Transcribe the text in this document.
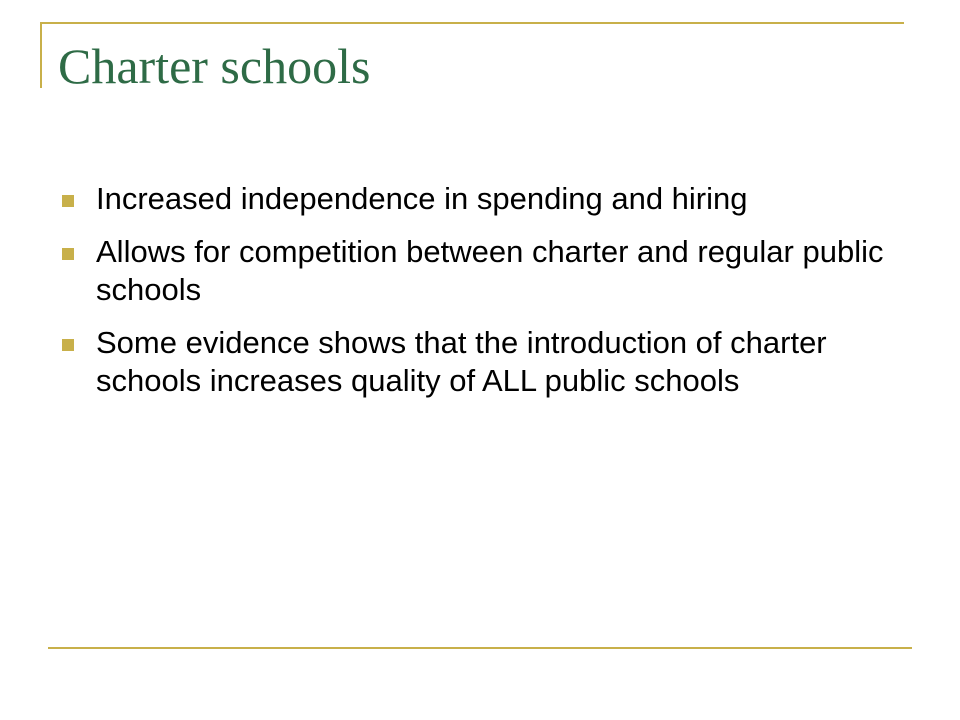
Charter schools
Increased independence in spending and hiring
Allows for competition between charter and regular public schools
Some evidence shows that the introduction of charter schools increases quality of ALL public schools
